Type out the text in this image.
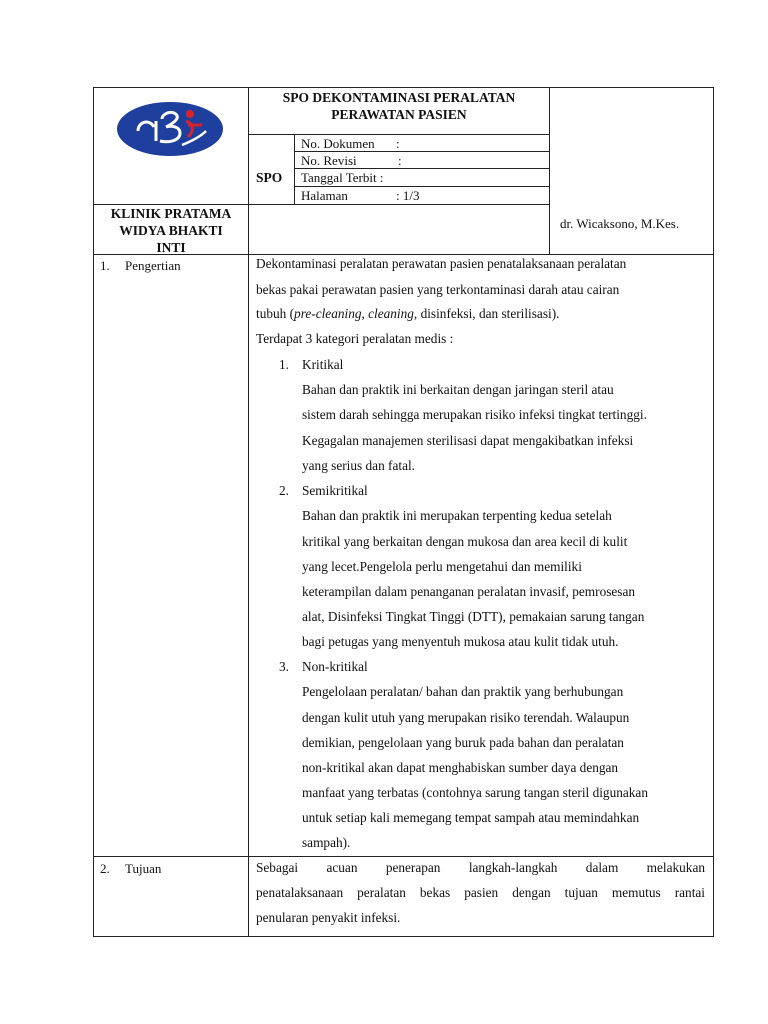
SPO DEKONTAMINASI PERALATAN
PERAWATAN PASIEN
SPO
No. Dokumen :
No. Revisi	:
Tanggal Terbit :
Halaman	: 1/3
KLINIK PRATAMA
WIDYA BHAKTI
INTI
dr. Wicaksono, M.Kes.
1. Pengertian	Dekontaminasi peralatan perawatan pasien penatalaksanaan peralatan
bekas pakai perawatan pasien yang terkontaminasi darah atau cairan
tubuh (pre-cleaning, cleaning, disinfeksi, dan sterilisasi).
Terdapat 3 kategori peralatan medis :
1. Kritikal
Bahan dan praktik ini berkaitan dengan jaringan steril atau
sistem darah sehingga merupakan risiko infeksi tingkat tertinggi.
Kegagalan manajemen sterilisasi dapat mengakibatkan infeksi
yang serius dan fatal.
2. Semikritikal
Bahan dan praktik ini merupakan terpenting kedua setelah
kritikal yang berkaitan dengan mukosa dan area kecil di kulit
yang lecet.Pengelola perlu mengetahui dan memiliki
keterampilan dalam penanganan peralatan invasif, pemrosesan
alat, Disinfeksi Tingkat Tinggi (DTT), pemakaian sarung tangan
bagi petugas yang menyentuh mukosa atau kulit tidak utuh.
3. Non-kritikal
Pengelolaan peralatan/ bahan dan praktik yang berhubungan
dengan kulit utuh yang merupakan risiko terendah. Walaupun
demikian, pengelolaan yang buruk pada bahan dan peralatan
non-kritikal akan dapat menghabiskan sumber daya dengan
manfaat yang terbatas (contohnya sarung tangan steril digunakan
untuk setiap kali memegang tempat sampah atau memindahkan
sampah).
2. Tujuan	Sebagai acuan penerapan langkah-langkah dalam melakukan
penatalaksanaan peralatan bekas pasien dengan tujuan memutus rantai
penularan penyakit infeksi.
